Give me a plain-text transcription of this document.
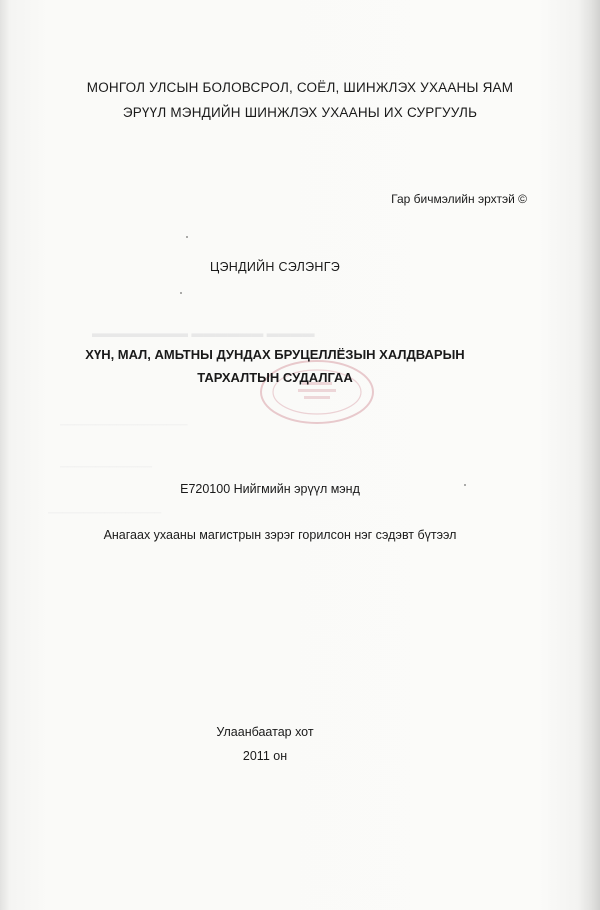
▬▬▬▬ ▬▬▬▬▬▬ ▬▬▬▬▬▬▬▬
──────────────────
─────────────
────────────────
МОНГОЛ УЛСЫН БОЛОВСРОЛ, СОЁЛ, ШИНЖЛЭХ УХААНЫ ЯАМ
ЭРҮҮЛ МЭНДИЙН ШИНЖЛЭХ УХААНЫ ИХ СУРГУУЛЬ
Гар бичмэлийн эрхтэй ©
ЦЭНДИЙН СЭЛЭНГЭ
ХҮН, МАЛ, АМЬТНЫ ДУНДАХ БРУЦЕЛЛЁЗЫН ХАЛДВАРЫН
ТАРХАЛТЫН СУДАЛГАА
Е720100 Нийгмийн эрүүл мэнд
Анагаах ухааны магистрын зэрэг горилсон нэг сэдэвт бүтээл
Улаанбаатар хот
2011 он
